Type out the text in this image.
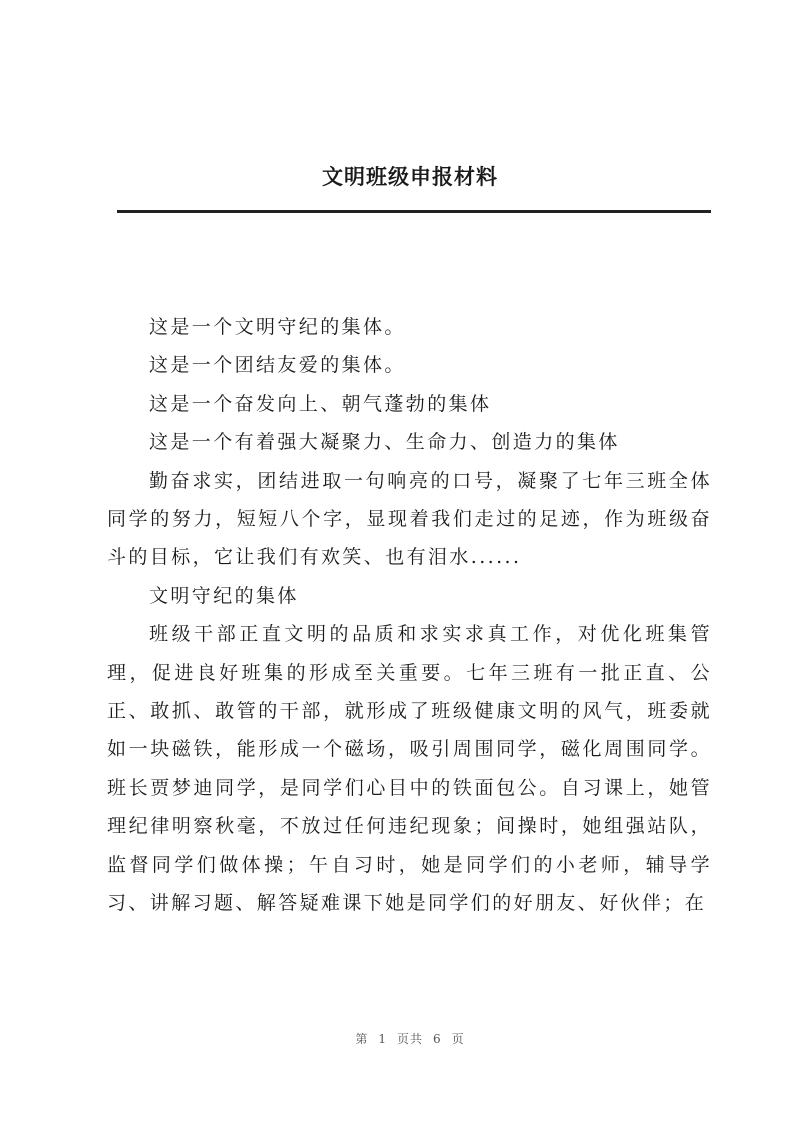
文明班级申报材料

这是一个文明守纪的集体。

这是一个团结友爱的集体。

这是一个奋发向上、朝气蓬勃的集体

这是一个有着强大凝聚力、生命力、创造力的集体

勤奋求实，团结进取一句响亮的口号，凝聚了七年三班全体同学的努力，短短八个字，显现着我们走过的足迹，作为班级奋斗的目标，它让我们有欢笑、也有泪水......

文明守纪的集体

班级干部正直文明的品质和求实求真工作，对优化班集管理，促进良好班集的形成至关重要。七年三班有一批正直、公正、敢抓、敢管的干部，就形成了班级健康文明的风气，班委就如一块磁铁，能形成一个磁场，吸引周围同学，磁化周围同学。班长贾梦迪同学，是同学们心目中的铁面包公。自习课上，她管理纪律明察秋毫，不放过任何违纪现象；间操时，她组强站队，监督同学们做体操；午自习时，她是同学们的小老师，辅导学习、讲解习题、解答疑难课下她是同学们的好朋友、好伙伴；在

第 1 页共 6 页
